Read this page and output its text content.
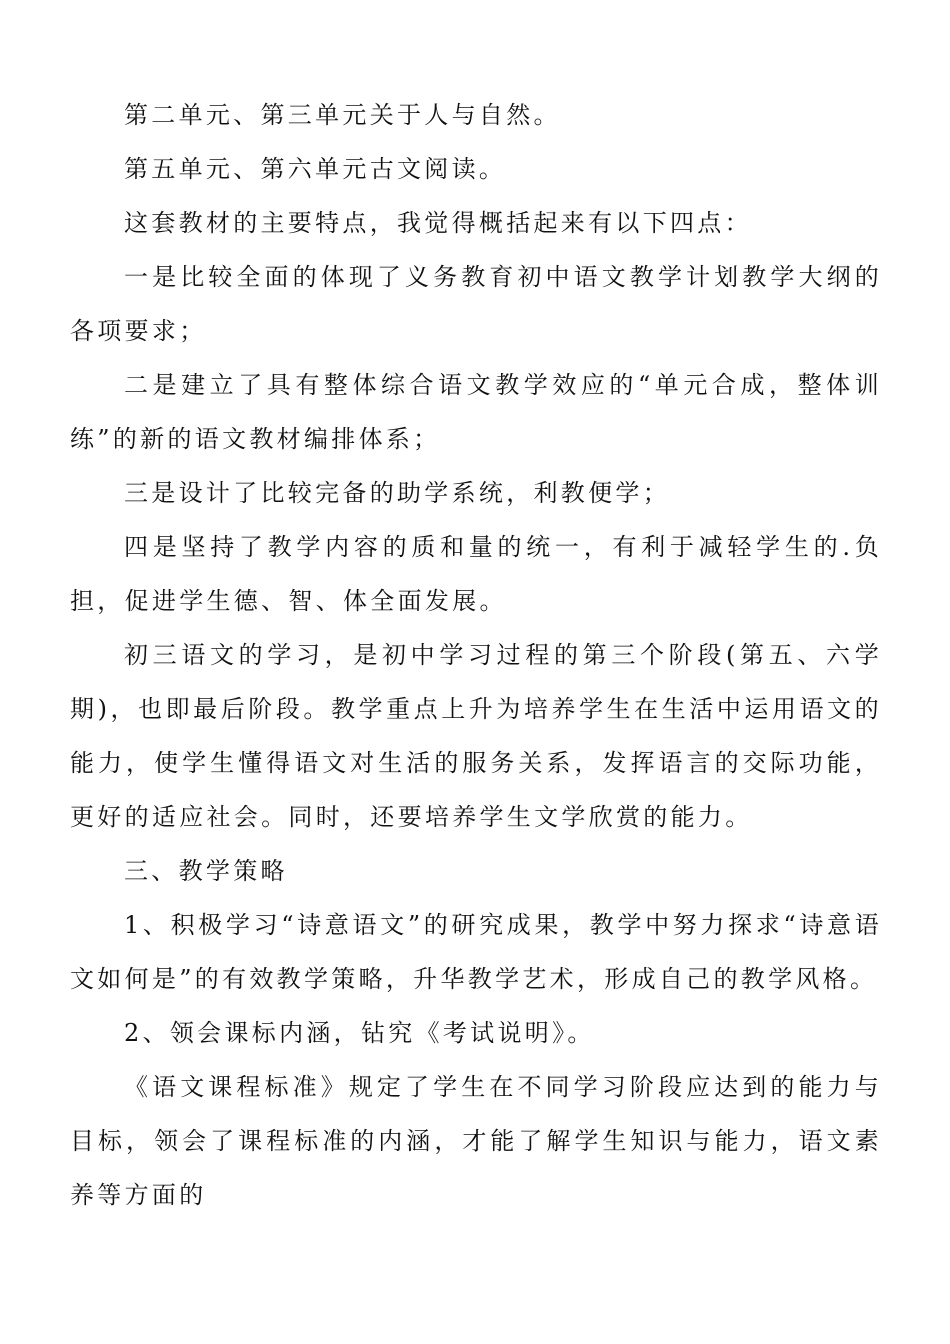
第二单元、第三单元关于人与自然。

第五单元、第六单元古文阅读。

这套教材的主要特点，我觉得概括起来有以下四点：

一是比较全面的体现了义务教育初中语文教学计划教学大纲的各项要求；

二是建立了具有整体综合语文教学效应的“单元合成，整体训练”的新的语文教材编排体系；

三是设计了比较完备的助学系统，利教便学；

四是坚持了教学内容的质和量的统一，有利于减轻学生的.负担，促进学生德、智、体全面发展。

初三语文的学习，是初中学习过程的第三个阶段(第五、六学期)，也即最后阶段。教学重点上升为培养学生在生活中运用语文的能力，使学生懂得语文对生活的服务关系，发挥语言的交际功能，更好的适应社会。同时，还要培养学生文学欣赏的能力。

三、教学策略

1、积极学习“诗意语文”的研究成果，教学中努力探求“诗意语文如何是”的有效教学策略，升华教学艺术，形成自己的教学风格。

2、领会课标内涵，钻究《考试说明》。

《语文课程标准》规定了学生在不同学习阶段应达到的能力与目标，领会了课程标准的内涵，才能了解学生知识与能力，语文素养等方面的
